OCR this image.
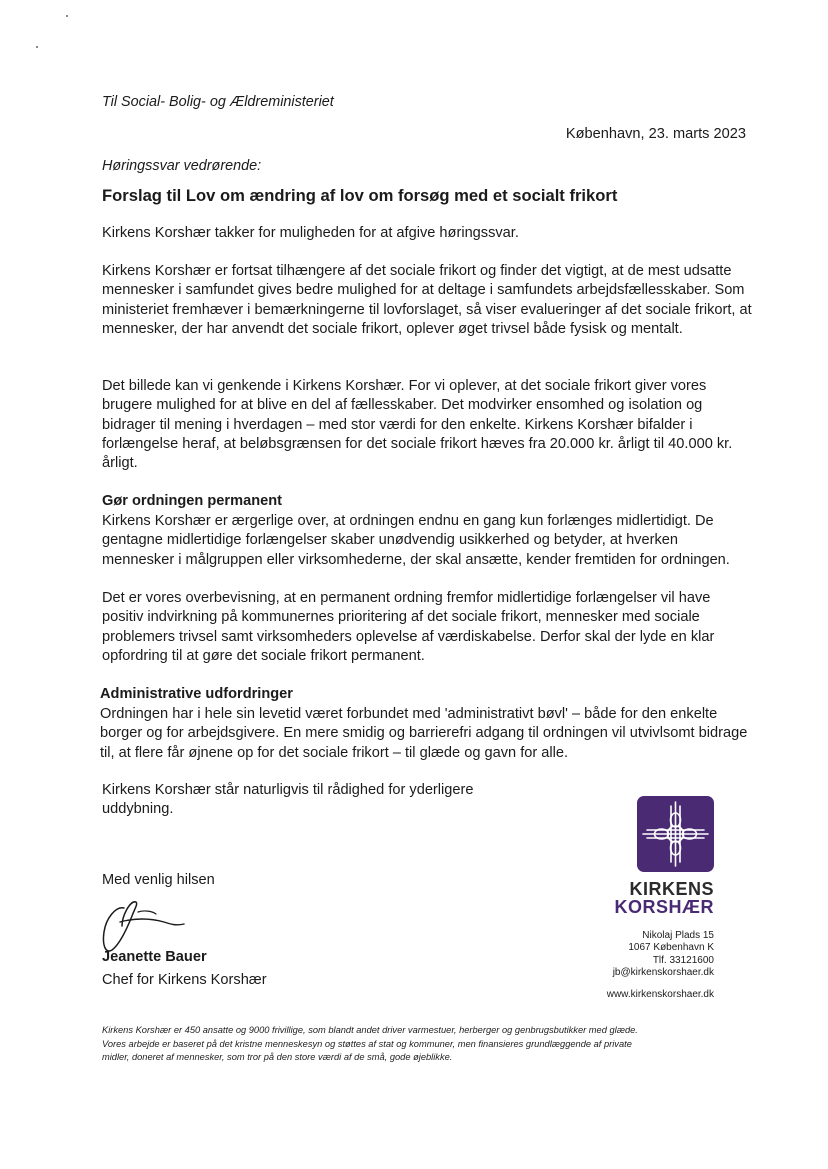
Til Social- Bolig- og Ældreministeriet
København, 23. marts 2023
Høringssvar vedrørende:
Forslag til Lov om ændring af lov om forsøg med et socialt frikort

Kirkens Korshær takker for muligheden for at afgive høringssvar.

Kirkens Korshær er fortsat tilhængere af det sociale frikort og finder det vigtigt, at de mest udsatte mennesker i samfundet gives bedre mulighed for at deltage i samfundets arbejdsfællesskaber. Som ministeriet fremhæver i bemærkningerne til lovforslaget, så viser evalueringer af det sociale frikort, at mennesker, der har anvendt det sociale frikort, oplever øget trivsel både fysisk og mentalt.

Det billede kan vi genkende i Kirkens Korshær. For vi oplever, at det sociale frikort giver vores brugere mulighed for at blive en del af fællesskaber. Det modvirker ensomhed og isolation og bidrager til mening i hverdagen – med stor værdi for den enkelte. Kirkens Korshær bifalder i forlængelse heraf, at beløbsgrænsen for det sociale frikort hæves fra 20.000 kr. årligt til 40.000 kr. årligt.

Gør ordningen permanent

Kirkens Korshær er ærgerlige over, at ordningen endnu en gang kun forlænges midlertidigt. De gentagne midlertidige forlængelser skaber unødvendig usikkerhed og betyder, at hverken mennesker i målgruppen eller virksomhederne, der skal ansætte, kender fremtiden for ordningen.

Det er vores overbevisning, at en permanent ordning fremfor midlertidige forlængelser vil have positiv indvirkning på kommunernes prioritering af det sociale frikort, mennesker med sociale problemers trivsel samt virksomheders oplevelse af værdiskabelse. Derfor skal der lyde en klar opfordring til at gøre det sociale frikort permanent.

Administrative udfordringer

Ordningen har i hele sin levetid været forbundet med 'administrativt bøvl' – både for den enkelte borger og for arbejdsgivere. En mere smidig og barrierefri adgang til ordningen vil utvivlsomt bidrage til, at flere får øjnene op for det sociale frikort – til glæde og gavn for alle.

Kirkens Korshær står naturligvis til rådighed for yderligere
uddybning.
Med venlig hilsen
Jeanette Bauer
Chef for Kirkens Korshær
KIRKENS
KORSHÆR
Nikolaj Plads 15
1067 København K
Tlf. 33121600
jb@kirkenskorshaer.dk
www.kirkenskorshaer.dk
Kirkens Korshær er 450 ansatte og 9000 frivillige, som blandt andet driver varmestuer, herberger og genbrugsbutikker med glæde.
Vores arbejde er baseret på det kristne menneskesyn og støttes af stat og kommuner, men finansieres grundlæggende af private
midler, doneret af mennesker, som tror på den store værdi af de små, gode øjeblikke.
